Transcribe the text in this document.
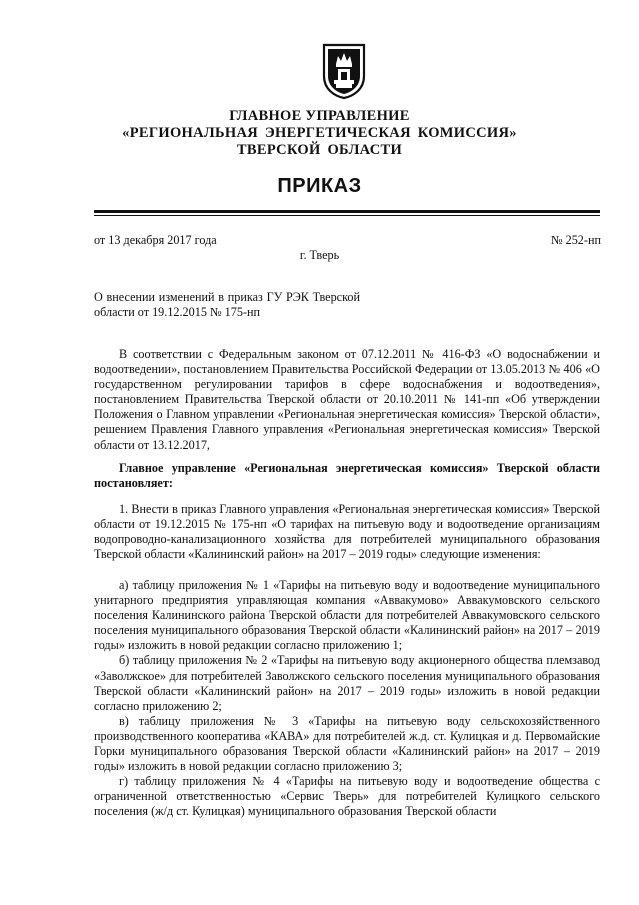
ГЛАВНОЕ УПРАВЛЕНИЕ
«РЕГИОНАЛЬНАЯ ЭНЕРГЕТИЧЕСКАЯ КОМИССИЯ»
ТВЕРСКОЙ ОБЛАСТИ
ПРИКАЗ
от 13 декабря 2017 года	№ 252-нп
г. Тверь
О внесении изменений в приказ ГУ РЭК Тверской области от 19.12.2015 № 175-нп
В соответствии с Федеральным законом от 07.12.2011 № 416-ФЗ «О водоснабжении и водоотведении», постановлением Правительства Российской Федерации от 13.05.2013 № 406 «О государственном регулировании тарифов в сфере водоснабжения и водоотведения», постановлением Правительства Тверской области от 20.10.2011 № 141-пп «Об утверждении Положения о Главном управлении «Региональная энергетическая комиссия» Тверской области», решением Правления Главного управления «Региональная энергетическая комиссия» Тверской области от 13.12.2017,
Главное управление «Региональная энергетическая комиссия» Тверской области постановляет:
1. Внести в приказ Главного управления «Региональная энергетическая комиссия» Тверской области от 19.12.2015 № 175-нп «О тарифах на питьевую воду и водоотведение организациям водопроводно-канализационного хозяйства для потребителей муниципального образования Тверской области «Калининский район» на 2017 – 2019 годы» следующие изменения:

а) таблицу приложения № 1 «Тарифы на питьевую воду и водоотведение муниципального унитарного предприятия управляющая компания «Аввакумово» Аввакумовского сельского поселения Калининского района Тверской области для потребителей Аввакумовского сельского поселения муниципального образования Тверской области «Калининский район» на 2017 – 2019 годы» изложить в новой редакции согласно приложению 1;

б) таблицу приложения № 2 «Тарифы на питьевую воду акционерного общества племзавод «Заволжское» для потребителей Заволжского сельского поселения муниципального образования Тверской области «Калининский район» на 2017 – 2019 годы» изложить в новой редакции согласно приложению 2;

в) таблицу приложения № 3 «Тарифы на питьевую воду сельскохозяйственного производственного кооператива «КАВА» для потребителей ж.д. ст. Кулицкая и д. Первомайские Горки муниципального образования Тверской области «Калининский район» на 2017 – 2019 годы» изложить в новой редакции согласно приложению 3;

г) таблицу приложения № 4 «Тарифы на питьевую воду и водоотведение общества с ограниченной ответственностью «Сервис Тверь» для потребителей Кулицкого сельского поселения (ж/д ст. Кулицкая) муниципального образования Тверской области
